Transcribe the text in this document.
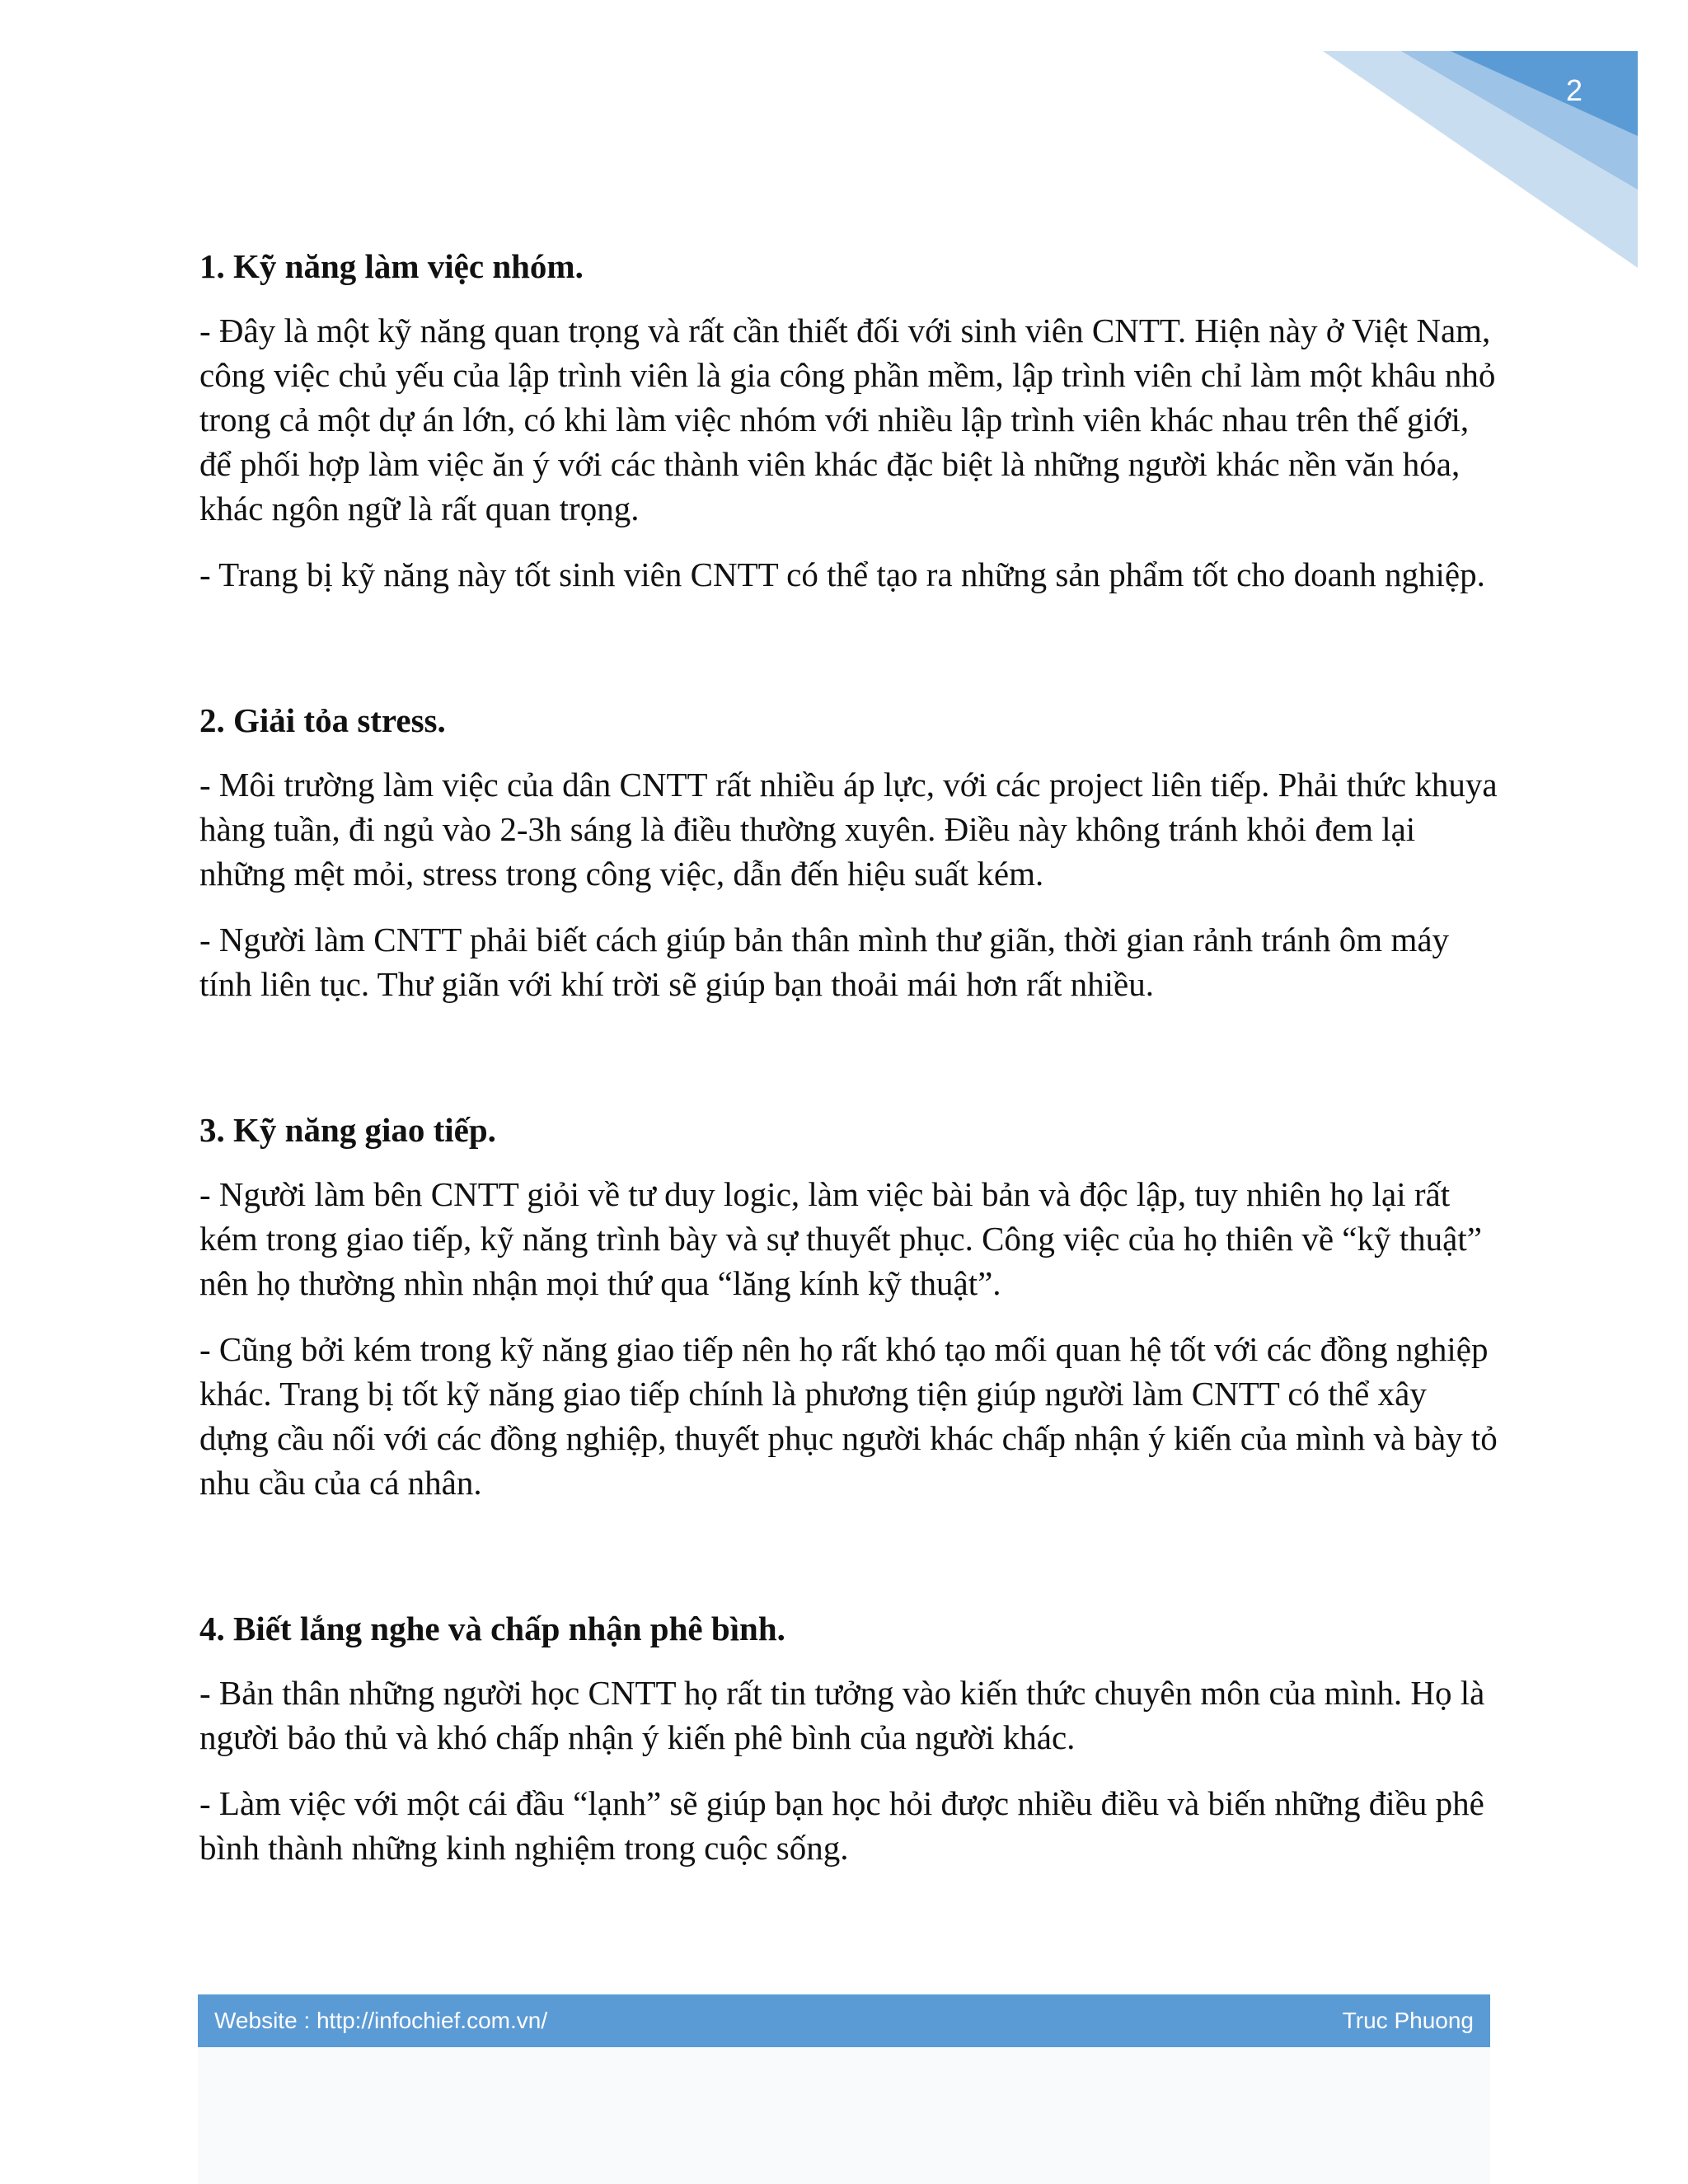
2
1. Kỹ năng làm việc nhóm.

- Đây là một kỹ năng quan trọng và rất cần thiết đối với sinh viên CNTT. Hiện này ở Việt Nam, công việc chủ yếu của lập trình viên là gia công phần mềm, lập trình viên chỉ làm một khâu nhỏ trong cả một dự án lớn, có khi làm việc nhóm với nhiều lập trình viên khác nhau trên thế giới, để phối hợp làm việc ăn ý với các thành viên khác đặc biệt là những người khác nền văn hóa, khác ngôn ngữ là rất quan trọng.

- Trang bị kỹ năng này tốt sinh viên CNTT có thể tạo ra những sản phẩm tốt cho doanh nghiệp.

2. Giải tỏa stress.

- Môi trường làm việc của dân CNTT rất nhiều áp lực, với các project liên tiếp. Phải thức khuya hàng tuần, đi ngủ vào 2-3h sáng là điều thường xuyên. Điều này không tránh khỏi đem lại những mệt mỏi, stress trong công việc, dẫn đến hiệu suất kém.

- Người làm CNTT phải biết cách giúp bản thân mình thư giãn, thời gian rảnh tránh ôm máy tính liên tục. Thư giãn với khí trời sẽ giúp bạn thoải mái hơn rất nhiều.

3. Kỹ năng giao tiếp.

- Người làm bên CNTT giỏi về tư duy logic, làm việc bài bản và độc lập, tuy nhiên họ lại rất kém trong giao tiếp, kỹ năng trình bày và sự thuyết phục. Công việc của họ thiên về “kỹ thuật” nên họ thường nhìn nhận mọi thứ qua “lăng kính kỹ thuật”.

- Cũng bởi kém trong kỹ năng giao tiếp nên họ rất khó tạo mối quan hệ tốt với các đồng nghiệp khác. Trang bị tốt kỹ năng giao tiếp chính là phương tiện giúp người làm CNTT có thể xây dựng cầu nối với các đồng nghiệp, thuyết phục người khác chấp nhận ý kiến của mình và bày tỏ nhu cầu của cá nhân.

4. Biết lắng nghe và chấp nhận phê bình.

- Bản thân những người học CNTT họ rất tin tưởng vào kiến thức chuyên môn của mình. Họ là người bảo thủ và khó chấp nhận ý kiến phê bình của người khác.

- Làm việc với một cái đầu “lạnh” sẽ giúp bạn học hỏi được nhiều điều và biến những điều phê bình thành những kinh nghiệm trong cuộc sống.

Website : http://infochief.com.vn/	Truc Phuong
